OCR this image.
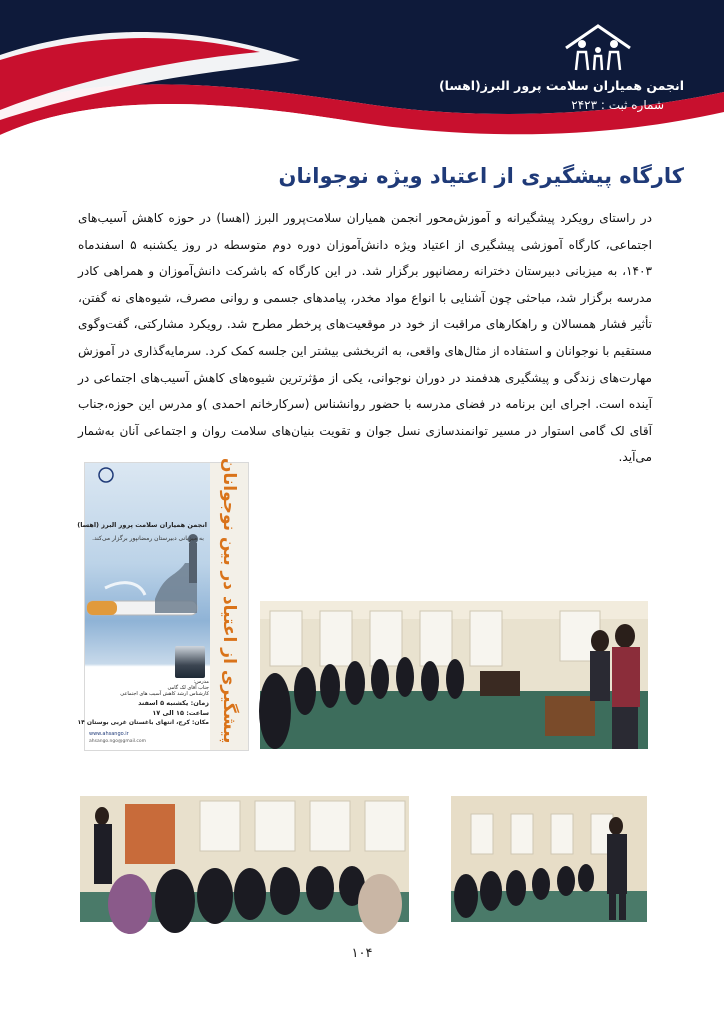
انجمن همیاران سلامت پرور البرز(اهسا)
شماره ثبت : ۲۴۲۳
کارگاه پیشگیری از اعتیاد ویژه نوجوانان

در راستای رویکرد پیشگیرانه و آموزش‌محور انجمن همیاران سلامت‌پرور البرز (اهسا) در حوزه کاهش آسیب‌های اجتماعی، کارگاه آموزشی پیشگیری از اعتیاد ویژه دانش‌آموزان دوره دوم متوسطه در روز یکشنبه ۵ اسفندماه ۱۴۰۳، به میزبانی دبیرستان دخترانه رمضانپور برگزار شد. در این کارگاه که باشرکت دانش‌آموزان و همراهی کادر مدرسه برگزار شد، مباحثی چون آشنایی با انواع مواد مخدر، پیامدهای جسمی و روانی مصرف، شیوه‌های نه گفتن، تأثیر فشار همسالان و راهکارهای مراقبت از خود در موقعیت‌های پرخطر مطرح شد. رویکرد مشارکتی، گفت‌وگوی مستقیم با نوجوانان و استفاده از مثال‌های واقعی، به اثربخشی بیشتر این جلسه کمک کرد. سرمایه‌گذاری در آموزش مهارت‌های زندگی و پیشگیری هدفمند در دوران نوجوانی، یکی از مؤثرترین شیوه‌های کاهش آسیب‌های اجتماعی در آینده است. اجرای این برنامه در فضای مدرسه با حضور روانشناس (سرکارخانم احمدی )و مدرس این حوزه،جناب آقای لک گامی استوار در مسیر توانمندسازی نسل جوان و تقویت بنیان‌های سلامت روان و اجتماعی آنان به‌شمار می‌آید.

پیشگیری از اعتیاد در بین نوجوانان
انجمن همیاران سلامت پرور البرز (اهسا)
به میزبانی دبیرستان رمضانپور برگزار می‌کند.
مدرس:
جناب آقای لک گامی
کارشناس ارشد کاهش آسیب های اجتماعی
زمان: یکشنبه ۵ اسفند
ساعت: ۱۵ الی ۱۷
مکان: کرج، انتهای باغستان غربی بوستان ۱۴
www.ahsango.ir
ahsango.ngo@gmail.com
۱۰۴
